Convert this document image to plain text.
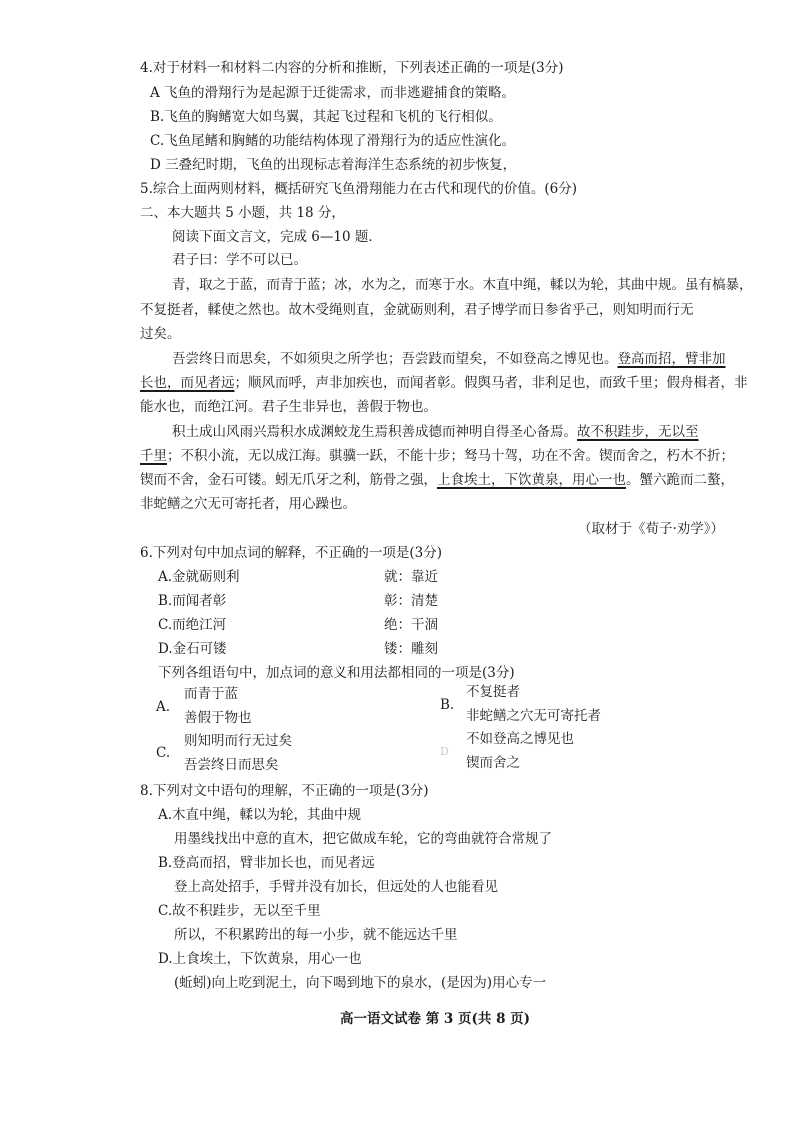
4.对于材料一和材料二内容的分析和推断，下列表述正确的一项是(3分)
A 飞鱼的滑翔行为是起源于迁徙需求，而非逃避捕食的策略。
B.飞鱼的胸鳍宽大如鸟翼，其起飞过程和飞机的飞行相似。
C.飞鱼尾鳍和胸鳍的功能结构体现了滑翔行为的适应性演化。
D 三叠纪时期，飞鱼的出现标志着海洋生态系统的初步恢复，
5.综合上面两则材料，概括研究飞鱼滑翔能力在古代和现代的价值。(6分)
二、本大题共 5 小题，共 18 分，
阅读下面文言文，完成 6—10 题．
君子曰：学不可以已。
青，取之于蓝，而青于蓝；冰，水为之，而寒于水。木直中绳，輮以为轮，其曲中规。虽有槁暴，
不复挺者，輮使之然也。故木受绳则直，金就砺则利，君子博学而日参省乎己，则知明而行无
过矣。
吾尝终日而思矣，不如须臾之所学也；吾尝跂而望矣，不如登高之博见也。登高而招，臂非加
长也，而见者远；顺风而呼，声非加疾也，而闻者彰。假舆马者，非利足也，而致千里；假舟楫者，非
能水也，而绝江河。君子生非异也，善假于物也。
积土成山风雨兴焉积水成渊蛟龙生焉积善成德而神明自得圣心备焉。故不积跬步，无以至
千里；不积小流，无以成江海。骐骥一跃，不能十步；驽马十驾，功在不舍。锲而舍之，朽木不折；
锲而不舍，金石可镂。蚓无爪牙之利，筋骨之强，上食埃土，下饮黄泉，用心一也。蟹六跪而二螯，
非蛇鳝之穴无可寄托者，用心躁也。
（取材于《荀子·劝学》）
6.下列对句中加点词的解释，不正确的一项是(3分)
A.金就砺则利	就：靠近
B.而闻者彰	彰：清楚
C.而绝江河	绝：干涸
D.金石可镂	镂：雕刻
下列各组语句中，加点词的意义和用法都相同的一项是(3分)
A.
而青于蓝
善假于物也
B.
不复挺者
非蛇鳝之穴无可寄托者
C.
则知明而行无过矣
吾尝终日而思矣
D
不如登高之博见也
锲而舍之
8.下列对文中语句的理解，不正确的一项是(3分)
A.木直中绳，輮以为轮，其曲中规
用墨线找出中意的直木，把它做成车轮，它的弯曲就符合常规了
B.登高而招，臂非加长也，而见者远
登上高处招手，手臂并没有加长，但远处的人也能看见
C.故不积跬步，无以至千里
所以，不积累跨出的每一小步，就不能远达千里
D.上食埃土，下饮黄泉，用心一也
(蚯蚓)向上吃到泥土，向下喝到地下的泉水，(是因为)用心专一
高一语文试卷 第 3 页(共 8 页)
